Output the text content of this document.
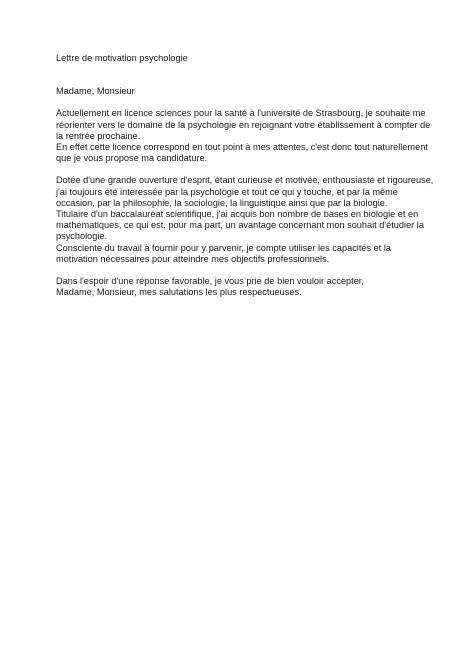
Lettre de motivation psychologie
Madame, Monsieur
Actuellement en licence sciences pour la santé à l'université de Strasbourg, je souhaite me
réorienter vers le domaine de la psychologie en rejoignant votre établissement à compter de
la rentrée prochaine.
En effet cette licence correspond en tout point à mes attentes, c'est donc tout naturellement
que je vous propose ma candidature.
Dotée d'une grande ouverture d'esprit, étant curieuse et motivée, enthousiaste et rigoureuse,
j'ai toujours été interessée par la psychologie et tout ce qui y touche, et par la même
occasion, par la philosophie, la sociologie, la linguistique ainsi que par la biologie.
Titulaire d'un baccalauréat scientifique, j'ai acquis bon nombre de bases en biologie et en
mathématiques, ce qui est, pour ma part, un avantage concernant mon souhait d'étudier la
psychologie.
Consciente du travail à fournir pour y parvenir, je compte utiliser les capacités et la
motivation nécessaires pour atteindre mes objectifs professionnels.
Dans l'espoir d'une réponse favorable, je vous prie de bien vouloir accepter,
Madame, Monsieur, mes salutations les plus respectueuses.
